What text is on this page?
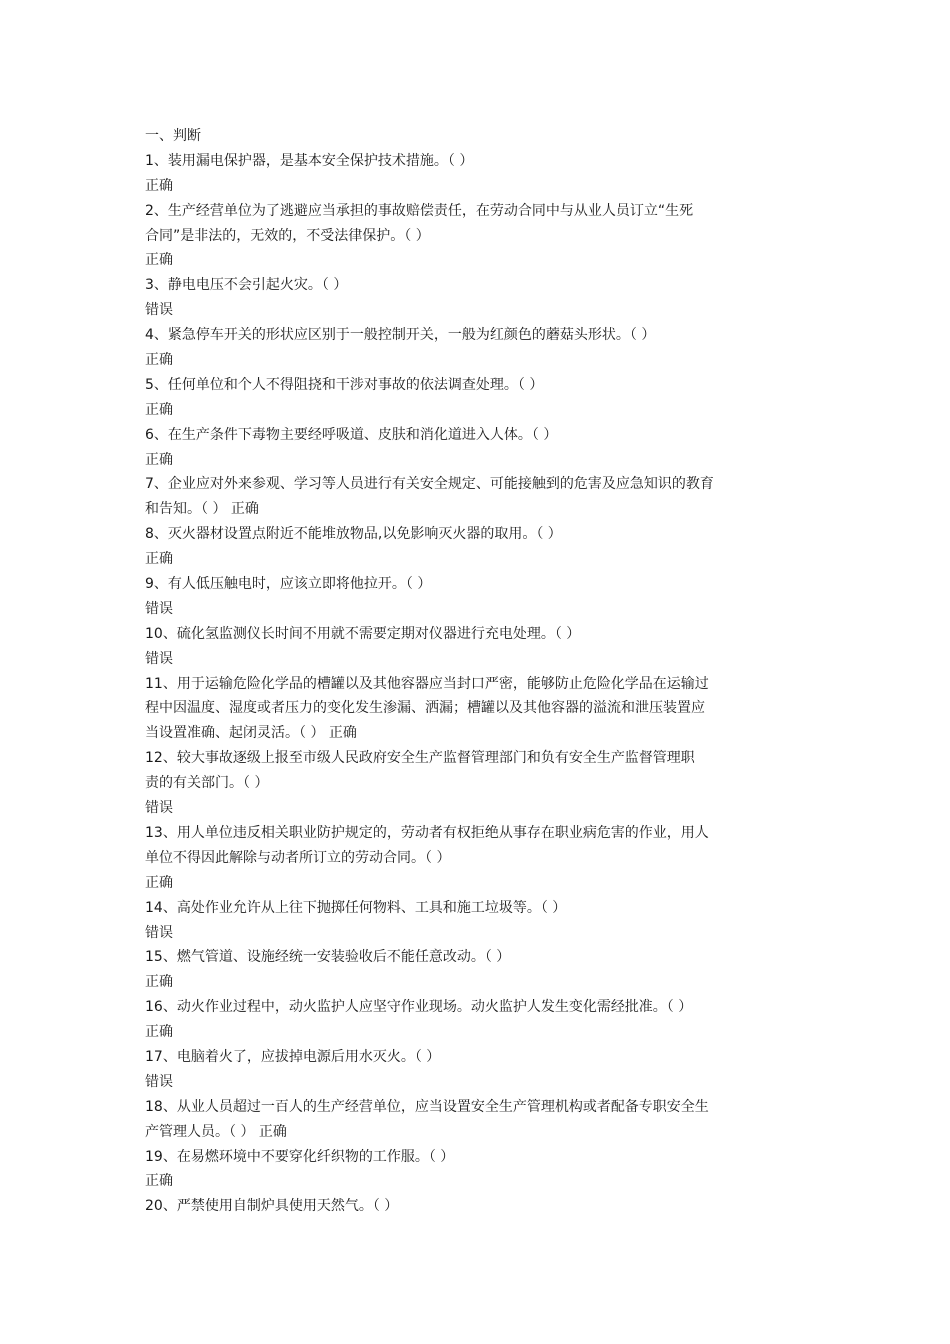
一、判断
1、装用漏电保护器，是基本安全保护技术措施。（ ）
正确
2、生产经营单位为了逃避应当承担的事故赔偿责任，在劳动合同中与从业人员订立“生死
合同”是非法的，无效的，不受法律保护。（ ）
正确
3、静电电压不会引起火灾。（ ）
错误
4、紧急停车开关的形状应区别于一般控制开关，一般为红颜色的蘑菇头形状。（ ）
正确
5、任何单位和个人不得阻挠和干涉对事故的依法调查处理。（ ）
正确
6、在生产条件下毒物主要经呼吸道、皮肤和消化道进入人体。（ ）
正确
7、企业应对外来参观、学习等人员进行有关安全规定、可能接触到的危害及应急知识的教育
和告知。（ ） 正确
8、灭火器材设置点附近不能堆放物品,以免影响灭火器的取用。（ ）
正确
9、有人低压触电时，应该立即将他拉开。（ ）
错误
10、硫化氢监测仪长时间不用就不需要定期对仪器进行充电处理。（ ）
错误
11、用于运输危险化学品的槽罐以及其他容器应当封口严密，能够防止危险化学品在运输过
程中因温度、湿度或者压力的变化发生渗漏、洒漏；槽罐以及其他容器的溢流和泄压装置应
当设置准确、起闭灵活。（ ） 正确
12、较大事故逐级上报至市级人民政府安全生产监督管理部门和负有安全生产监督管理职
责的有关部门。（ ）
错误
13、用人单位违反相关职业防护规定的，劳动者有权拒绝从事存在职业病危害的作业，用人
单位不得因此解除与动者所订立的劳动合同。（ ）
正确
14、高处作业允许从上往下抛掷任何物料、工具和施工垃圾等。（ ）
错误
15、燃气管道、设施经统一安装验收后不能任意改动。（ ）
正确
16、动火作业过程中，动火监护人应坚守作业现场。动火监护人发生变化需经批准。（ ）
正确
17、电脑着火了，应拔掉电源后用水灭火。（ ）
错误
18、从业人员超过一百人的生产经营单位，应当设置安全生产管理机构或者配备专职安全生
产管理人员。（ ） 正确
19、在易燃环境中不要穿化纤织物的工作服。（ ）
正确
20、严禁使用自制炉具使用天然气。（ ）
